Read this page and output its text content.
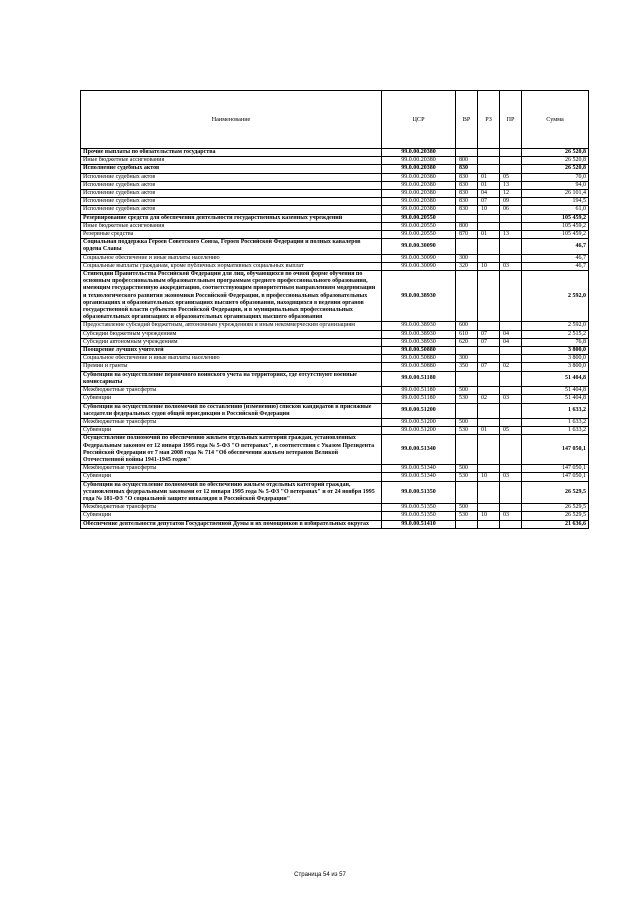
Наименование	ЦСР	ВР	РЗ	ПР	Сумма
Прочие выплаты по обязательствам государства	99.0.00.20380				26 520,8
Иные бюджетные ассигнования	99.0.00.20380	800			26 520,8
Исполнение судебных актов	99.0.00.20380	830			26 520,8
Исполнение судебных актов	99.0.00.20380	830	01	05	70,0
Исполнение судебных актов	99.0.00.20380	830	01	13	94,0
Исполнение судебных актов	99.0.00.20380	830	04	12	26 101,4
Исполнение судебных актов	99.0.00.20380	830	07	09	194,5
Исполнение судебных актов	99.0.00.20380	830	10	06	61,0
Резервирование средств для обеспечения деятельности государственных казенных учреждений	99.0.00.20550				105 459,2
Иные бюджетные ассигнования	99.0.00.20550	800			105 459,2
Резервные средства	99.0.00.20550	870	01	13	105 459,2
Социальная поддержка Героев Советского Союза, Героев Российской Федерации и полных кавалеров ордена Славы	99.0.00.30090				46,7
Социальное обеспечение и иные выплаты населению	99.0.00.30090	300			46,7
Социальные выплаты гражданам, кроме публичных нормативных социальных выплат	99.0.00.30090	320	10	03	46,7
Стипендии Правительства Российской Федерации для лиц, обучающихся по очной форме обучения по основным профессиональным образовательным программам среднего профессионального образования, имеющим государственную аккредитацию, соответствующим приоритетным направлениям модернизации и технологического развития экономики Российской Федерации, в профессиональных образовательных организациях и образовательных организациях высшего образования, находящихся в ведении органов государственной власти субъектов Российской Федерации, и в муниципальных профессиональных образовательных организациях и образовательных организациях высшего образования	99.0.00.38930				2 592,0
Предоставление субсидий бюджетным, автономным учреждениям и иным некоммерческим организациям	99.0.00.38930	600			2 592,0
Субсидии бюджетным учреждениям	99.0.00.38930	610	07	04	2 515,2
Субсидии автономным учреждениям	99.0.00.38930	620	07	04	76,8
Поощрение лучших учителей	99.0.00.50880				3 800,0
Социальное обеспечение и иные выплаты населению	99.0.00.50880	300			3 800,0
Премии и гранты	99.0.00.50880	350	07	02	3 800,0
Субвенции на осуществление первичного воинского учета на территориях, где отсутствуют военные комиссариаты	99.0.00.51180				51 404,8
Межбюджетные трансферты	99.0.00.51180	500			51 404,8
Субвенции	99.0.00.51180	530	02	03	51 404,8
Субвенции на осуществление полномочий по составлению (изменению) списков кандидатов в присяжные заседатели федеральных судов общей юрисдикции в Российской Федерации	99.0.00.51200				1 633,2
Межбюджетные трансферты	99.0.00.51200	500			1 633,2
Субвенции	99.0.00.51200	530	01	05	1 633,2
Осуществление полномочий по обеспечению жильем отдельных категорий граждан, установленных Федеральным законом от 12 января 1995 года № 5-ФЗ "О ветеранах", в соответствии с Указом Президента Российской Федерации от 7 мая 2008 года № 714 "Об обеспечении жильем ветеранов Великой Отечественной войны 1941-1945 годов"	99.0.00.51340				147 050,1
Межбюджетные трансферты	99.0.00.51340	500			147 050,1
Субвенции	99.0.00.51340	530	10	03	147 050,1
Субвенции на осуществление полномочий по обеспечению жильем отдельных категорий граждан, установленных федеральными законами от 12 января 1995 года № 5-ФЗ "О ветеранах" и от 24 ноября 1995 года № 181-ФЗ "О социальной защите инвалидов в Российской Федерации"	99.0.00.51350				26 529,5
Межбюджетные трансферты	99.0.00.51350	500			26 529,5
Субвенции	99.0.00.51350	530	10	03	26 529,5
Обеспечение деятельности депутатов Государственной Думы и их помощников в избирательных округах	99.0.00.51410				21 636,6
Страница 54 из 57
